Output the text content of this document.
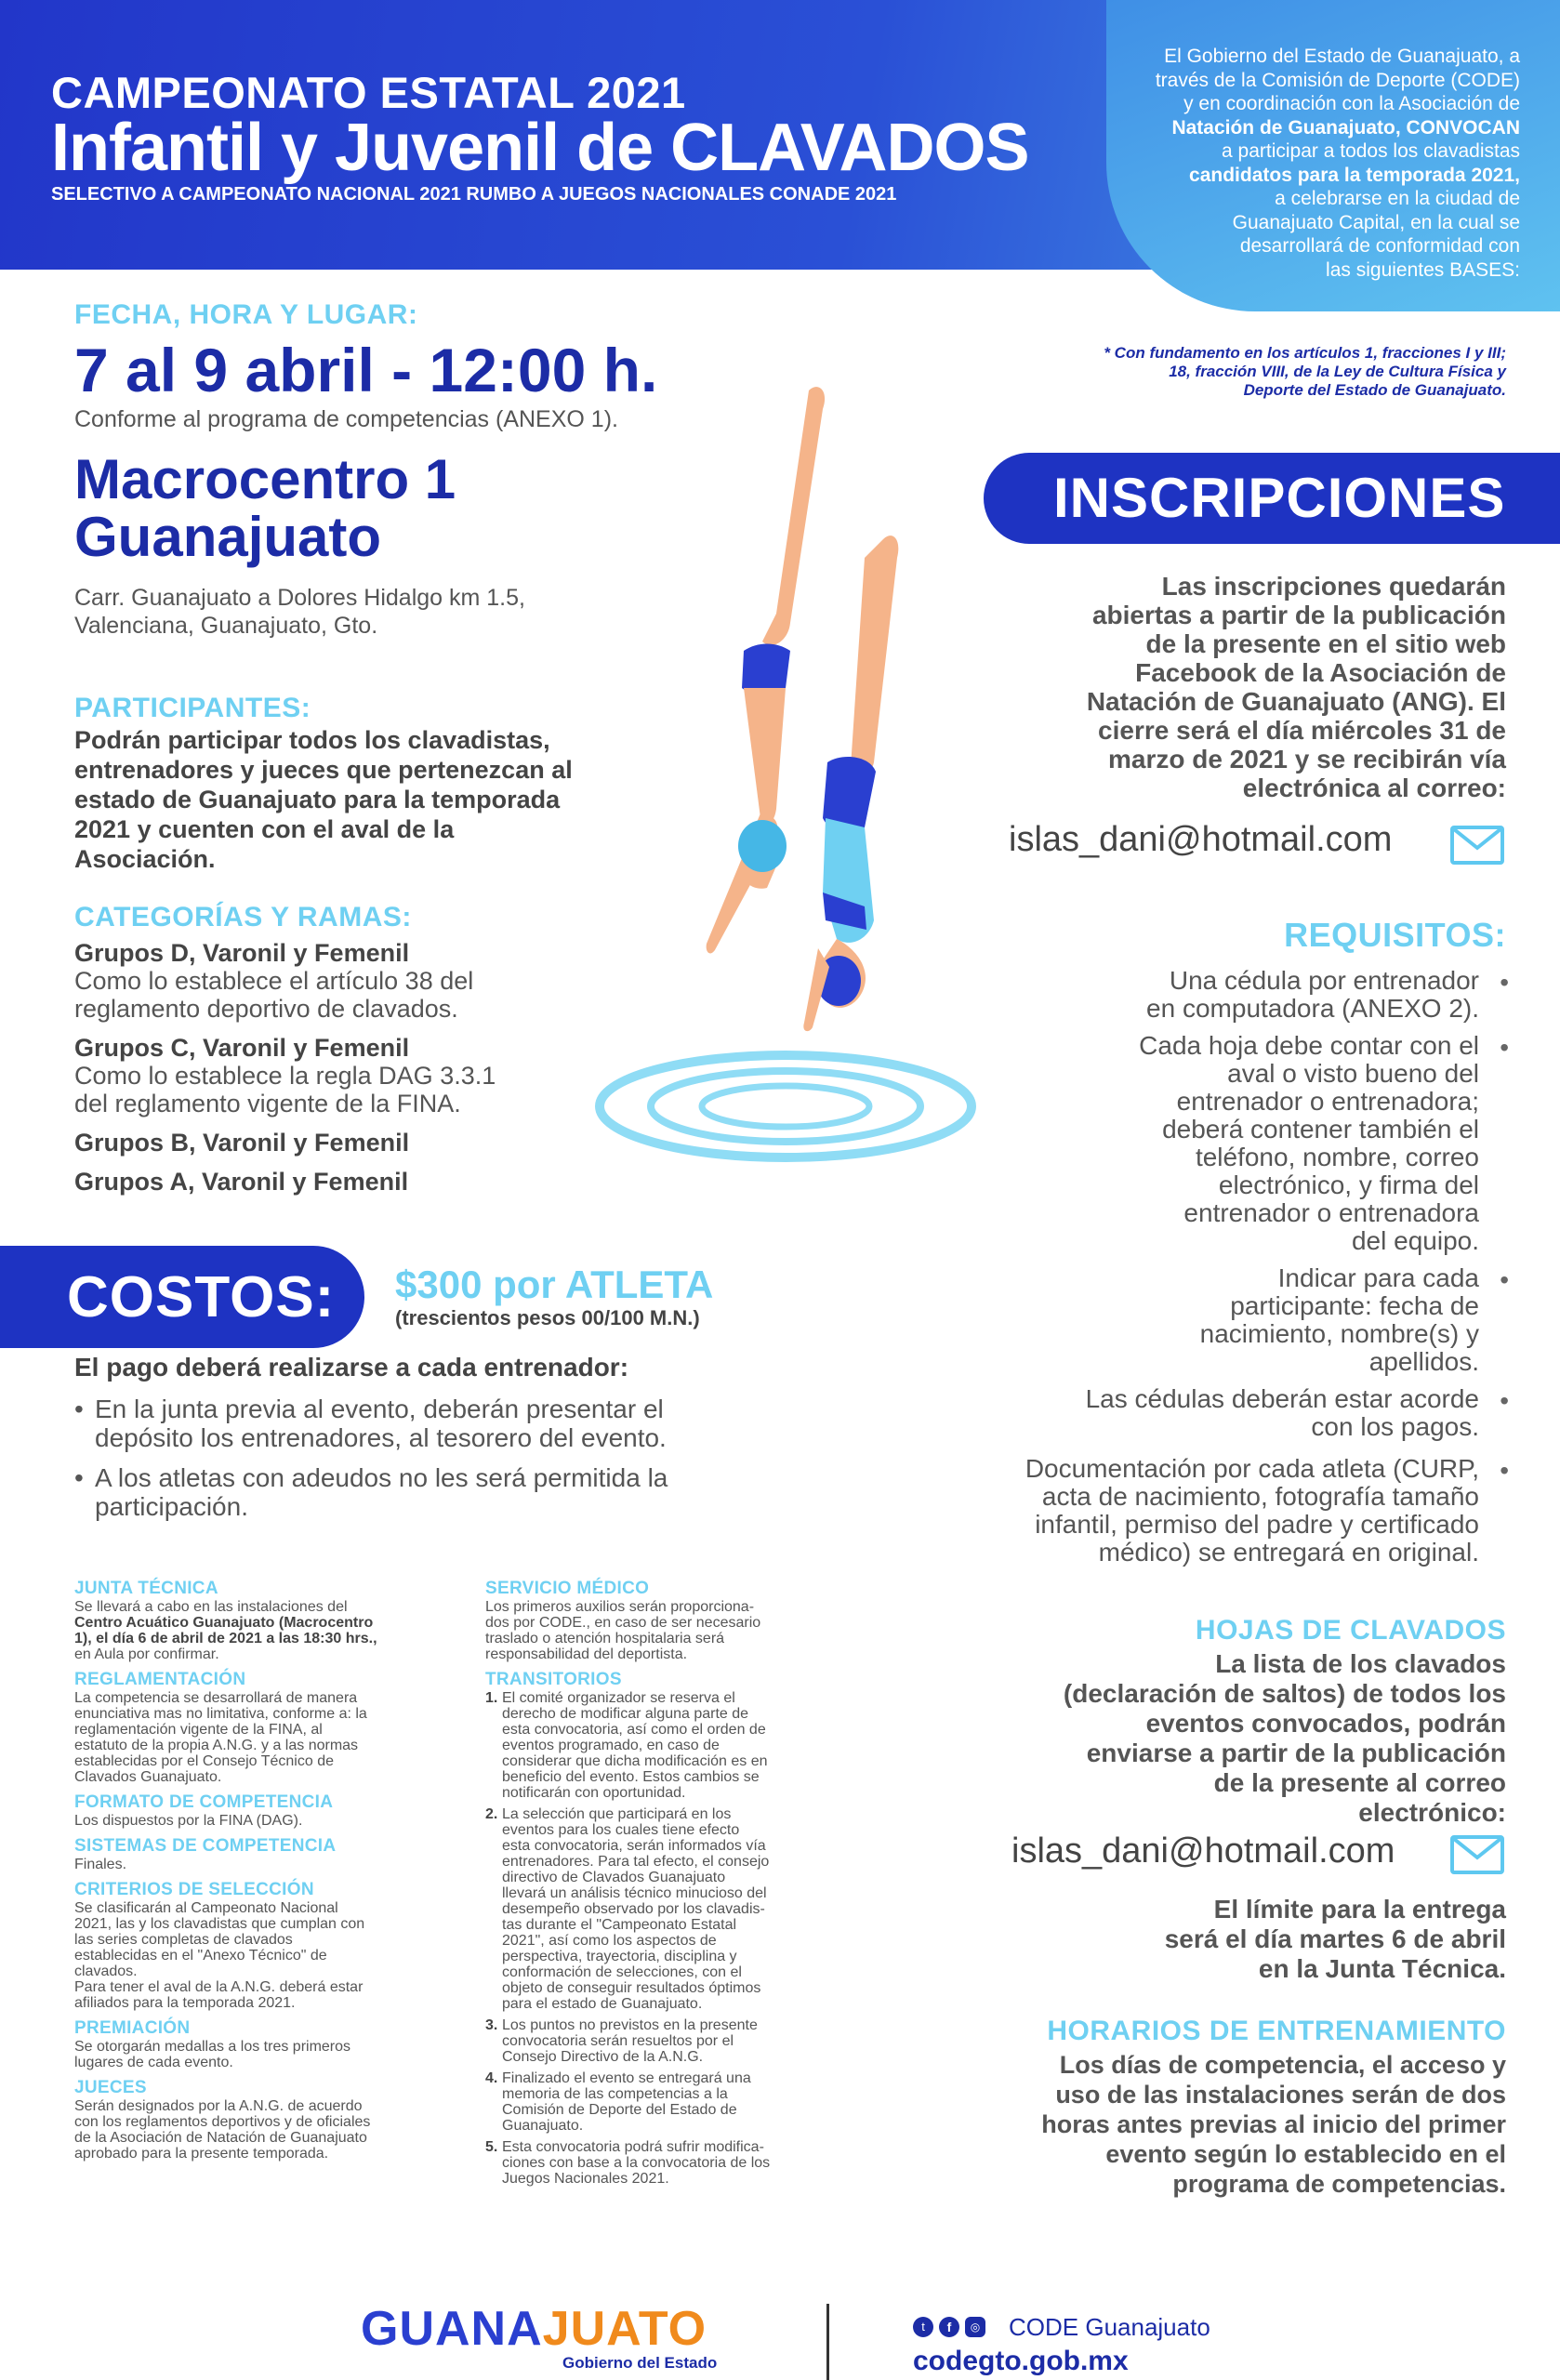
CAMPEONATO ESTATAL 2021
Infantil y Juvenil de CLAVADOS
SELECTIVO A CAMPEONATO NACIONAL 2021 RUMBO A JUEGOS NACIONALES CONADE 2021
El Gobierno del Estado de Guanajuato, a
través de la Comisión de Deporte (CODE)
y en coordinación con la Asociación de
Natación de Guanajuato, CONVOCAN
a participar a todos los clavadistas
candidatos para la temporada 2021,
a celebrarse en la ciudad de
Guanajuato Capital, en la cual se
desarrollará de conformidad con
las siguientes BASES:
* Con fundamento en los artículos 1, fracciones I y III;
18, fracción VIII, de la Ley de Cultura Física y
Deporte del Estado de Guanajuato.
FECHA, HORA Y LUGAR:
7 al 9 abril - 12:00 h.
Conforme al programa de competencias (ANEXO 1).
Macrocentro 1
Guanajuato
Carr. Guanajuato a Dolores Hidalgo km 1.5,
Valenciana, Guanajuato, Gto.
PARTICIPANTES:
Podrán participar todos los clavadistas,
entrenadores y jueces que pertenezcan al
estado de Guanajuato para la temporada
2021 y cuenten con el aval de la
Asociación.
CATEGORÍAS Y RAMAS:
Grupos D, Varonil y Femenil
Como lo establece el artículo 38 del
reglamento deportivo de clavados.
Grupos C, Varonil y Femenil
Como lo establece la regla DAG 3.3.1
del reglamento vigente de la FINA.
Grupos B, Varonil y Femenil
Grupos A, Varonil y Femenil
INSCRIPCIONES
Las inscripciones quedarán
abiertas a partir de la publicación
de la presente en el sitio web
Facebook de la Asociación de
Natación de Guanajuato (ANG). El
cierre será el día miércoles 31 de
marzo de 2021 y se recibirán vía
electrónica al correo:
islas_dani@hotmail.com
REQUISITOS:
•
Una cédula por entrenador
en computadora (ANEXO 2).
•
Cada hoja debe contar con el
aval o visto bueno del
entrenador o entrenadora;
deberá contener también el
teléfono, nombre, correo
electrónico, y firma del
entrenador o entrenadora
del equipo.
•
Indicar para cada
participante: fecha de
nacimiento, nombre(s) y
apellidos.
•
Las cédulas deberán estar acorde
con los pagos.
•
Documentación por cada atleta (CURP,
acta de nacimiento, fotografía tamaño
infantil, permiso del padre y certificado
médico) se entregará en original.
HOJAS DE CLAVADOS
La lista de los clavados
(declaración de saltos) de todos los
eventos convocados, podrán
enviarse a partir de la publicación
de la presente al correo
electrónico:
islas_dani@hotmail.com
El límite para la entrega
será el día martes 6 de abril
en la Junta Técnica.
HORARIOS DE ENTRENAMIENTO
Los días de competencia, el acceso y
uso de las instalaciones serán de dos
horas antes previas al inicio del primer
evento según lo establecido en el
programa de competencias.
COSTOS: $300 por ATLETA
(trescientos pesos 00/100 M.N.)
El pago deberá realizarse a cada entrenador:
• En la junta previa al evento, deberán presentar el
depósito los entrenadores, al tesorero del evento.
• A los atletas con adeudos no les será permitida la
participación.
JUNTA TÉCNICA
Se llevará a cabo en las instalaciones del
Centro Acuático Guanajuato (Macrocentro
1), el día 6 de abril de 2021 a las 18:30 hrs.,
en Aula por confirmar.
REGLAMENTACIÓN
La competencia se desarrollará de manera
enunciativa mas no limitativa, conforme a: la
reglamentación vigente de la FINA, al
estatuto de la propia A.N.G. y a las normas
establecidas por el Consejo Técnico de
Clavados Guanajuato.
FORMATO DE COMPETENCIA
Los dispuestos por la FINA (DAG).
SISTEMAS DE COMPETENCIA
Finales.
CRITERIOS DE SELECCIÓN
Se clasificarán al Campeonato Nacional
2021, las y los clavadistas que cumplan con
las series completas de clavados
establecidas en el "Anexo Técnico" de
clavados.
Para tener el aval de la A.N.G. deberá estar
afiliados para la temporada 2021.
PREMIACIÓN
Se otorgarán medallas a los tres primeros
lugares de cada evento.
JUECES
Serán designados por la A.N.G. de acuerdo
con los reglamentos deportivos y de oficiales
de la Asociación de Natación de Guanajuato
aprobado para la presente temporada.
SERVICIO MÉDICO
Los primeros auxilios serán proporciona-
dos por CODE., en caso de ser necesario
traslado o atención hospitalaria será
responsabilidad del deportista.
TRANSITORIOS
1. El comité organizador se reserva el
derecho de modificar alguna parte de
esta convocatoria, así como el orden de
eventos programado, en caso de
considerar que dicha modificación es en
beneficio del evento. Estos cambios se
notificarán con oportunidad.
2. La selección que participará en los
eventos para los cuales tiene efecto
esta convocatoria, serán informados vía
entrenadores. Para tal efecto, el consejo
directivo de Clavados Guanajuato
llevará un análisis técnico minucioso del
desempeño observado por los clavadis-
tas durante el "Campeonato Estatal
2021", así como los aspectos de
perspectiva, trayectoria, disciplina y
conformación de selecciones, con el
objeto de conseguir resultados óptimos
para el estado de Guanajuato.
3. Los puntos no previstos en la presente
convocatoria serán resueltos por el
Consejo Directivo de la A.N.G.
4. Finalizado el evento se entregará una
memoria de las competencias a la
Comisión de Deporte del Estado de
Guanajuato.
5. Esta convocatoria podrá sufrir modifica-
ciones con base a la convocatoria de los
Juegos Nacionales 2021.
GUANAJUATO
Gobierno del Estado
t	f	◎ CODE Guanajuato
codegto.gob.mx
